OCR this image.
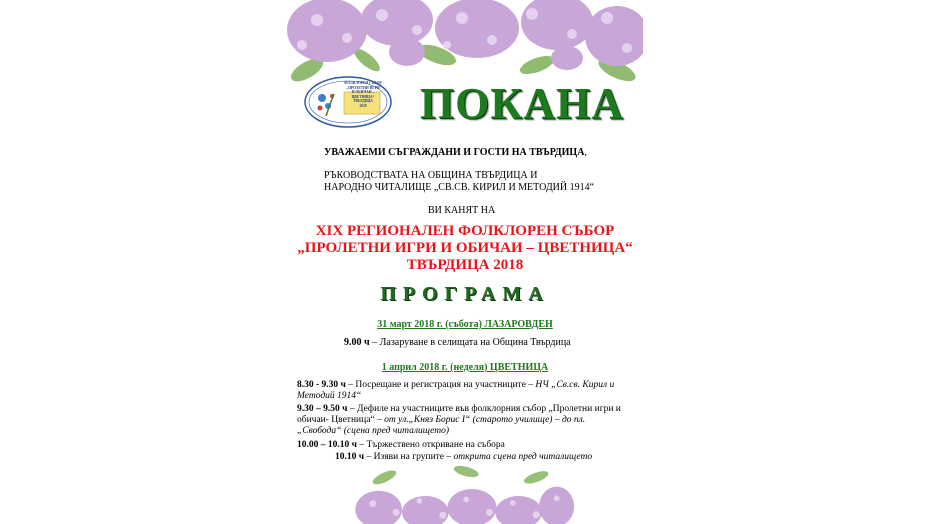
ФОЛКЛОРЕН СЪБОР
„ПРОЛЕТНИ ИГРИ
И ОБИЧАИ –
ЦВЕТНИЦА“
ТВЪРДИЦА
2018	ПОКАНА
УВАЖАЕМИ СЪГРАЖДАНИ И ГОСТИ НА ТВЪРДИЦА,
РЪКОВОДСТВАТА НА ОБЩИНА ТВЪРДИЦА И
НАРОДНО ЧИТАЛИЩЕ „СВ.СВ. КИРИЛ И МЕТОДИЙ 1914“
ВИ КАНЯТ НА
XIX РЕГИОНАЛЕН ФОЛКЛОРЕН СЪБОР
„ПРОЛЕТНИ ИГРИ И ОБИЧАИ – ЦВЕТНИЦА“
ТВЪРДИЦА 2018
ПРОГРАМА
31 март 2018 г. (събота) ЛАЗАРОВДЕН
9.00 ч – Лазаруване в селищата на Община Твърдица
1 април 2018 г. (неделя) ЦВЕТНИЦА
8.30 - 9.30 ч – Посрещане и регистрация на участниците – НЧ „Св.св. Кирил и Методий 1914“
9.30 – 9.50 ч – Дефиле на участниците във фолклорния събор „Пролетни игри и обичаи- Цветница“ – от ул.„Княз Борис I“ (старото училище) – до пл. „Свобода“ (сцена пред читалището)
10.00 – 10.10 ч – Тържествено откриване на събора
10.10 ч – Изяви на групите – открита сцена пред читалището
